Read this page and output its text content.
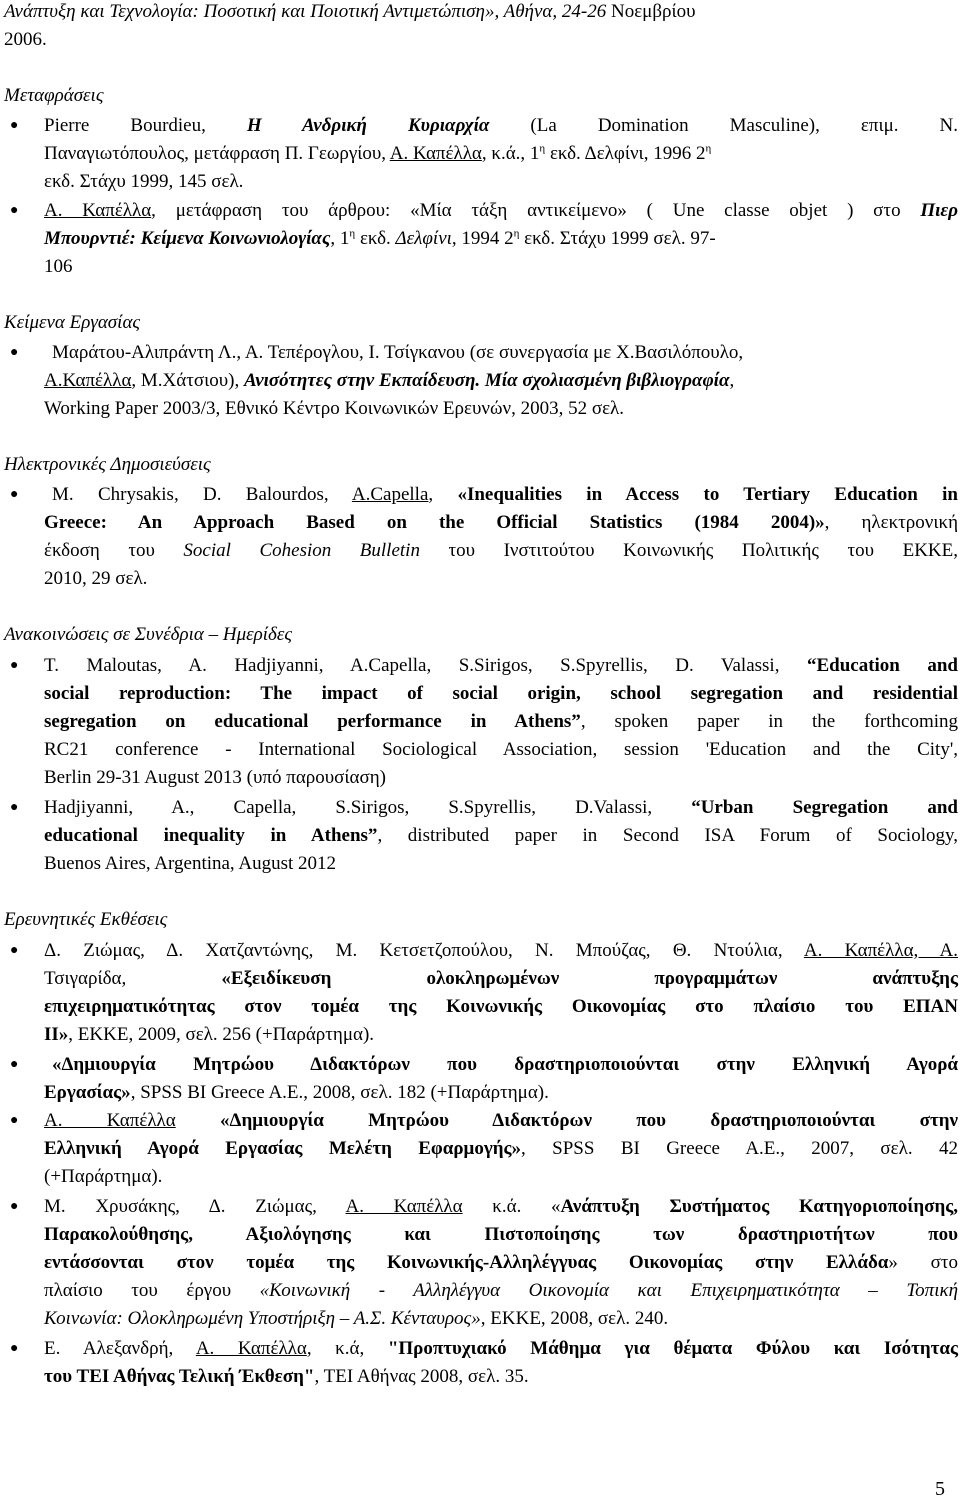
Ανάπτυξη και Τεχνολογία: Ποσοτική και Ποιοτική Αντιμετώπιση», Αθήνα, 24-26 Νοεμβρίου
2006.
Μεταφράσεις
● Pierre Bourdieu, Η Ανδρική Κυριαρχία (La Domination Masculine), επιμ. Ν.
Παναγιωτόπουλος, μετάφραση Π. Γεωργίου, Α. Καπέλλα, κ.ά., $1^\eta$ εκδ. Δελφίνι, 1996 $2^\eta$
εκδ. Στάχυ 1999, 145 σελ.
● Α. Καπέλλα, μετάφραση του άρθρου: «Μία τάξη αντικείμενο» ( Une classe objet ) στο Πιερ
Μπουρντιέ: Κείμενα Κοινωνιολογίας, $1^\eta$ εκδ. Δελφίνι, 1994 $2^\eta$ εκδ. Στάχυ 1999 σελ. 97-
106
Κείμενα Εργασίας
● Μαράτου-Αλιπράντη Λ., Α. Τεπέρογλου, Ι. Τσίγκανου (σε συνεργασία με Χ.Βασιλόπουλο,
Α.Καπέλλα, Μ.Χάτσιου), Ανισότητες στην Εκπαίδευση. Μία σχολιασμένη βιβλιογραφία,
Working Paper 2003/3, Εθνικό Κέντρο Κοινωνικών Ερευνών, 2003, 52 σελ.
Ηλεκτρονικές Δημοσιεύσεις
● M. Chrysakis, D. Balourdos, A.Capella, «Inequalities in Access to Tertiary Education in
Greece: An Approach Based on the Official Statistics (1984 2004)», ηλεκτρονική
έκδοση του Social Cohesion Bulletin του Ινστιτούτου Κοινωνικής Πολιτικής του ΕΚΚΕ,
2010, 29 σελ.
Ανακοινώσεις σε Συνέδρια – Ημερίδες
● T. Maloutas, A. Hadjiyanni, A.Capella, S.Sirigos, S.Spyrellis, D. Valassi, “Education and
social reproduction: The impact of social origin, school segregation and residential
segregation on educational performance in Athens”, spoken paper in the forthcoming
RC21 conference - International Sociological Association, session 'Education and the City',
Berlin 29-31 August 2013 (υπό παρουσίαση)
● Hadjiyanni, A., Capella, S.Sirigos, S.Spyrellis, D.Valassi, “Urban Segregation and
educational inequality in Athens”, distributed paper in Second ISA Forum of Sociology,
Buenos Aires, Argentina, August 2012
Ερευνητικές Εκθέσεις
● Δ. Ζιώμας, Δ. Χατζαντώνης, Μ. Κετσετζοπούλου, Ν. Μπούζας, Θ. Ντούλια, Α. Καπέλλα, Α.
Τσιγαρίδα, «Εξειδίκευση ολοκληρωμένων προγραμμάτων ανάπτυξης
επιχειρηματικότητας στον τομέα της Κοινωνικής Οικονομίας στο πλαίσιο του ΕΠΑΝ
ΙΙ», ΕΚΚΕ, 2009, σελ. 256 (+Παράρτημα).
● «Δημιουργία Μητρώου Διδακτόρων που δραστηριοποιούνται στην Ελληνική Αγορά
Εργασίας», SPSS BI Greece A.E., 2008, σελ. 182 (+Παράρτημα).
● Α. Καπέλλα «Δημιουργία Μητρώου Διδακτόρων που δραστηριοποιούνται στην
Ελληνική Αγορά Εργασίας Μελέτη Εφαρμογής», SPSS BI Greece A.E., 2007, σελ. 42
(+Παράρτημα).
● Μ. Χρυσάκης, Δ. Ζιώμας, Α. Καπέλλα κ.ά. «Ανάπτυξη Συστήματος Κατηγοριοποίησης,
Παρακολούθησης, Αξιολόγησης και Πιστοποίησης των δραστηριοτήτων που
εντάσσονται στον τομέα της Κοινωνικής-Αλληλέγγυας Οικονομίας στην Ελλάδα» στο
πλαίσιο του έργου «Κοινωνική - Αλληλέγγυα Οικονομία και Επιχειρηματικότητα – Τοπική
Κοινωνία: Ολοκληρωμένη Υποστήριξη – Α.Σ. Κένταυρος», ΕΚΚΕ, 2008, σελ. 240.
● Ε. Αλεξανδρή, Α. Καπέλλα, κ.ά, "Προπτυχιακό Μάθημα για θέματα Φύλου και Ισότητας
του ΤΕΙ Αθήνας Τελική Έκθεση", ΤΕΙ Αθήνας 2008, σελ. 35.
5
